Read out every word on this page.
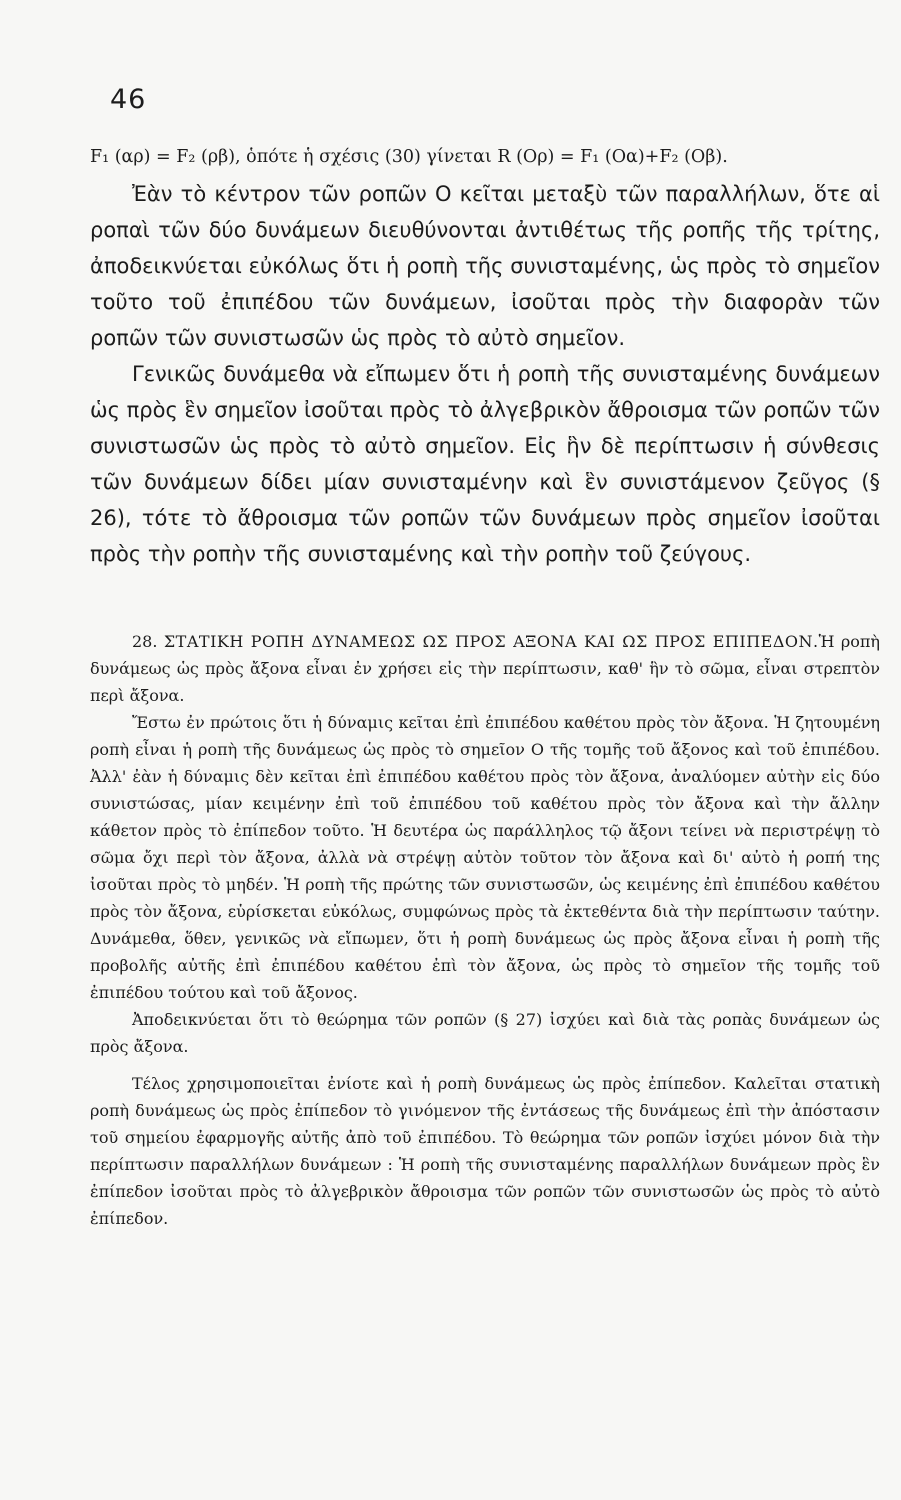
46
F₁ (αρ) = F₂ (ρβ), ὁπότε ἡ σχέσις (30) γίνεται R (Oρ) = F₁ (Oα)+F₂ (Oβ).

Ἐὰν τὸ κέντρον τῶν ροπῶν O κεῖται μεταξὺ τῶν παραλλήλων, ὅτε αἱ ροπαὶ τῶν δύο δυνάμεων διευθύνονται ἀντιθέτως τῆς ροπῆς τῆς τρίτης, ἀποδεικνύεται εὐκόλως ὅτι ἡ ροπὴ τῆς συνισταμένης, ὡς πρὸς τὸ σημεῖον τοῦτο τοῦ ἐπιπέδου τῶν δυνάμεων, ἰσοῦται πρὸς τὴν διαφορὰν τῶν ροπῶν τῶν συνιστωσῶν ὡς πρὸς τὸ αὐτὸ σημεῖον.

Γενικῶς δυνάμεθα νὰ εἴπωμεν ὅτι ἡ ροπὴ τῆς συνισταμένης δυνάμεων ὡς πρὸς ἓν σημεῖον ἰσοῦται πρὸς τὸ ἀλγεβρικὸν ἄθροισμα τῶν ροπῶν τῶν συνιστωσῶν ὡς πρὸς τὸ αὐτὸ σημεῖον. Εἰς ἣν δὲ περίπτωσιν ἡ σύνθεσις τῶν δυνάμεων δίδει μίαν συνισταμένην καὶ ἓν συνιστάμενον ζεῦγος (§ 26), τότε τὸ ἄθροισμα τῶν ροπῶν τῶν δυνάμεων πρὸς σημεῖον ἰσοῦται πρὸς τὴν ροπὴν τῆς συνισταμένης καὶ τὴν ροπὴν τοῦ ζεύγους.

28. ΣΤΑΤΙΚΗ ΡΟΠΗ ΔΥΝΑΜΕΩΣ ΩΣ ΠΡΟΣ ΑΞΟΝΑ ΚΑΙ ΩΣ ΠΡΟΣ ΕΠΙΠΕΔΟΝ.Ἡ ροπὴ δυνάμεως ὡς πρὸς ἄξονα εἶναι ἐν χρήσει εἰς τὴν περίπτωσιν, καθ' ἣν τὸ σῶμα, εἶναι στρεπτὸν περὶ ἄξονα.

Ἔστω ἐν πρώτοις ὅτι ἡ δύναμις κεῖται ἐπὶ ἐπιπέδου καθέτου πρὸς τὸν ἄξονα. Ἡ ζητουμένη ροπὴ εἶναι ἡ ροπὴ τῆς δυνάμεως ὡς πρὸς τὸ σημεῖον O τῆς τομῆς τοῦ ἄξονος καὶ τοῦ ἐπιπέδου. Ἀλλ' ἐὰν ἡ δύναμις δὲν κεῖται ἐπὶ ἐπιπέδου καθέτου πρὸς τὸν ἄξονα, ἀναλύομεν αὐτὴν εἰς δύο συνιστώσας, μίαν κειμένην ἐπὶ τοῦ ἐπιπέδου τοῦ καθέτου πρὸς τὸν ἄξονα καὶ τὴν ἄλλην κάθετον πρὸς τὸ ἐπίπεδον τοῦτο. Ἡ δευτέρα ὡς παράλληλος τῷ ἄξονι τείνει νὰ περιστρέψῃ τὸ σῶμα ὄχι περὶ τὸν ἄξονα, ἀλλὰ νὰ στρέψῃ αὐτὸν τοῦτον τὸν ἄξονα καὶ δι' αὐτὸ ἡ ροπή της ἰσοῦται πρὸς τὸ μηδέν. Ἡ ροπὴ τῆς πρώτης τῶν συνιστωσῶν, ὡς κειμένης ἐπὶ ἐπιπέδου καθέτου πρὸς τὸν ἄξονα, εὑρίσκεται εὐκόλως, συμφώνως πρὸς τὰ ἐκτεθέντα διὰ τὴν περίπτωσιν ταύτην. Δυνάμεθα, ὅθεν, γενικῶς νὰ εἴπωμεν, ὅτι ἡ ροπὴ δυνάμεως ὡς πρὸς ἄξονα εἶναι ἡ ροπὴ τῆς προβολῆς αὐτῆς ἐπὶ ἐπιπέδου καθέτου ἐπὶ τὸν ἄξονα, ὡς πρὸς τὸ σημεῖον τῆς τομῆς τοῦ ἐπιπέδου τούτου καὶ τοῦ ἄξονος.

Ἀποδεικνύεται ὅτι τὸ θεώρημα τῶν ροπῶν (§ 27) ἰσχύει καὶ διὰ τὰς ροπὰς δυνάμεων ὡς πρὸς ἄξονα.

Τέλος χρησιμοποιεῖται ἐνίοτε καὶ ἡ ροπὴ δυνάμεως ὡς πρὸς ἐπίπεδον. Καλεῖται στατικὴ ροπὴ δυνάμεως ὡς πρὸς ἐπίπεδον τὸ γινόμενον τῆς ἐντάσεως τῆς δυνάμεως ἐπὶ τὴν ἀπόστασιν τοῦ σημείου ἐφαρμογῆς αὐτῆς ἀπὸ τοῦ ἐπιπέδου. Τὸ θεώρημα τῶν ροπῶν ἰσχύει μόνον διὰ τὴν περίπτωσιν παραλλήλων δυνάμεων : Ἡ ροπὴ τῆς συνισταμένης παραλλήλων δυνάμεων πρὸς ἓν ἐπίπεδον ἰσοῦται πρὸς τὸ ἀλγεβρικὸν ἄθροισμα τῶν ροπῶν τῶν συνιστωσῶν ὡς πρὸς τὸ αὐτὸ ἐπίπεδον.
